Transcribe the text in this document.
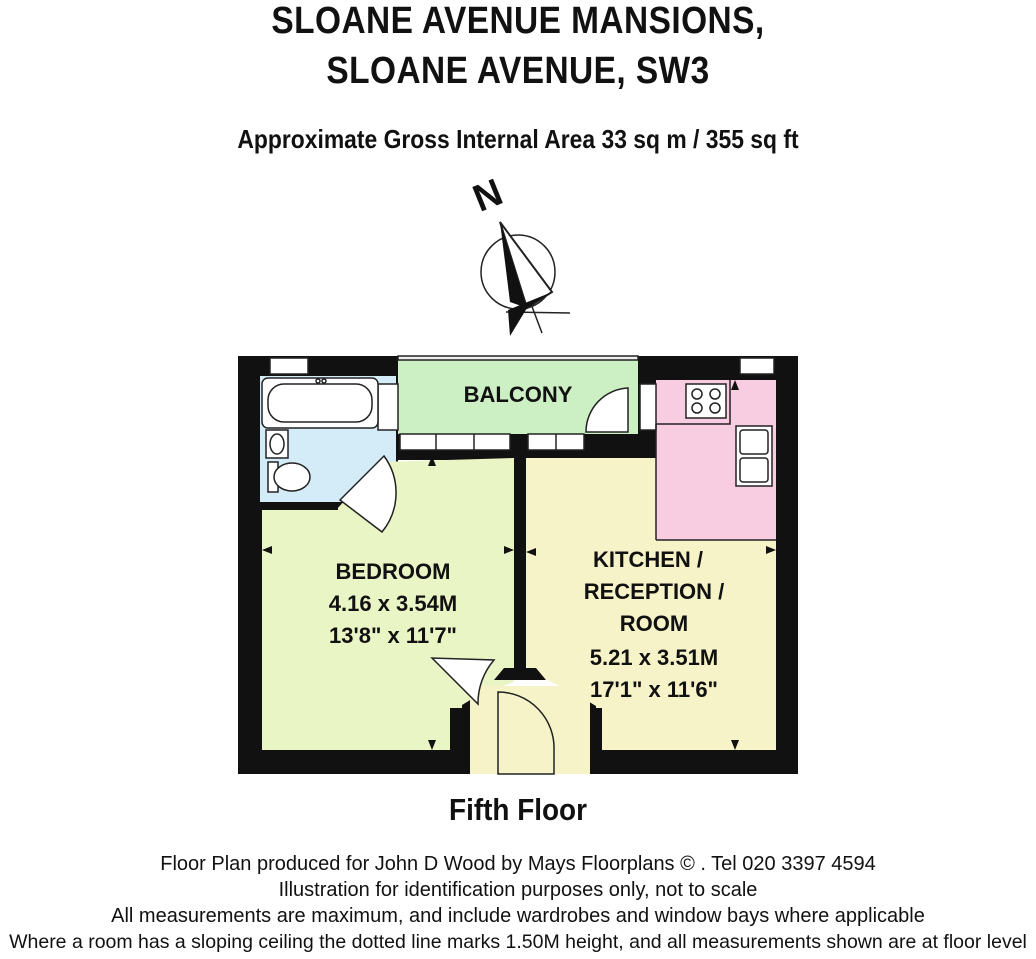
SLOANE AVENUE MANSIONS,
SLOANE AVENUE, SW3
Approximate Gross Internal Area 33 sq m / 355 sq ft
N
BALCONY
BEDROOM
4.16 x 3.54M
13'8" x 11'7"
KITCHEN /
RECEPTION /
ROOM
5.21 x 3.51M
17'1" x 11'6"
Fifth Floor
Floor Plan produced for John D Wood by Mays Floorplans © . Tel 020 3397 4594
Illustration for identification purposes only, not to scale
All measurements are maximum, and include wardrobes and window bays where applicable
Where a room has a sloping ceiling the dotted line marks 1.50M height, and all measurements shown are at floor level
